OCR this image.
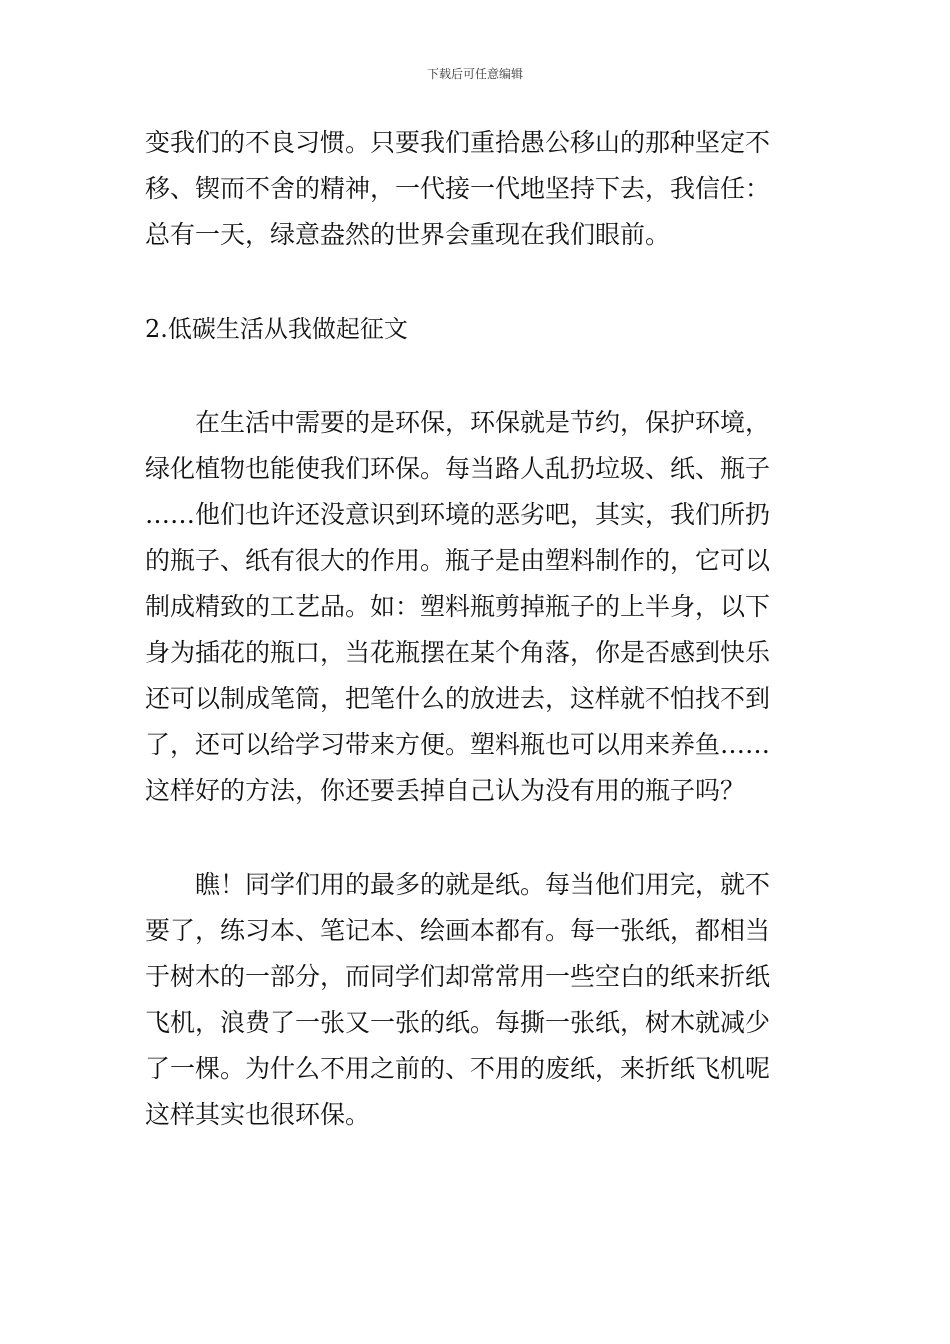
下载后可任意编辑
变我们的不良习惯。只要我们重拾愚公移山的那种坚定不
移、锲而不舍的精神，一代接一代地坚持下去，我信任：
总有一天，绿意盎然的世界会重现在我们眼前。
2.低碳生活从我做起征文
　　在生活中需要的是环保，环保就是节约，保护环境，
绿化植物也能使我们环保。每当路人乱扔垃圾、纸、瓶子
……他们也许还没意识到环境的恶劣吧，其实，我们所扔
的瓶子、纸有很大的作用。瓶子是由塑料制作的，它可以
制成精致的工艺品。如：塑料瓶剪掉瓶子的上半身，以下
身为插花的瓶口，当花瓶摆在某个角落，你是否感到快乐
还可以制成笔筒，把笔什么的放进去，这样就不怕找不到
了，还可以给学习带来方便。塑料瓶也可以用来养鱼……
这样好的方法，你还要丢掉自己认为没有用的瓶子吗？
　　瞧！同学们用的最多的就是纸。每当他们用完，就不
要了，练习本、笔记本、绘画本都有。每一张纸，都相当
于树木的一部分，而同学们却常常用一些空白的纸来折纸
飞机，浪费了一张又一张的纸。每撕一张纸，树木就减少
了一棵。为什么不用之前的、不用的废纸，来折纸飞机呢
这样其实也很环保。
